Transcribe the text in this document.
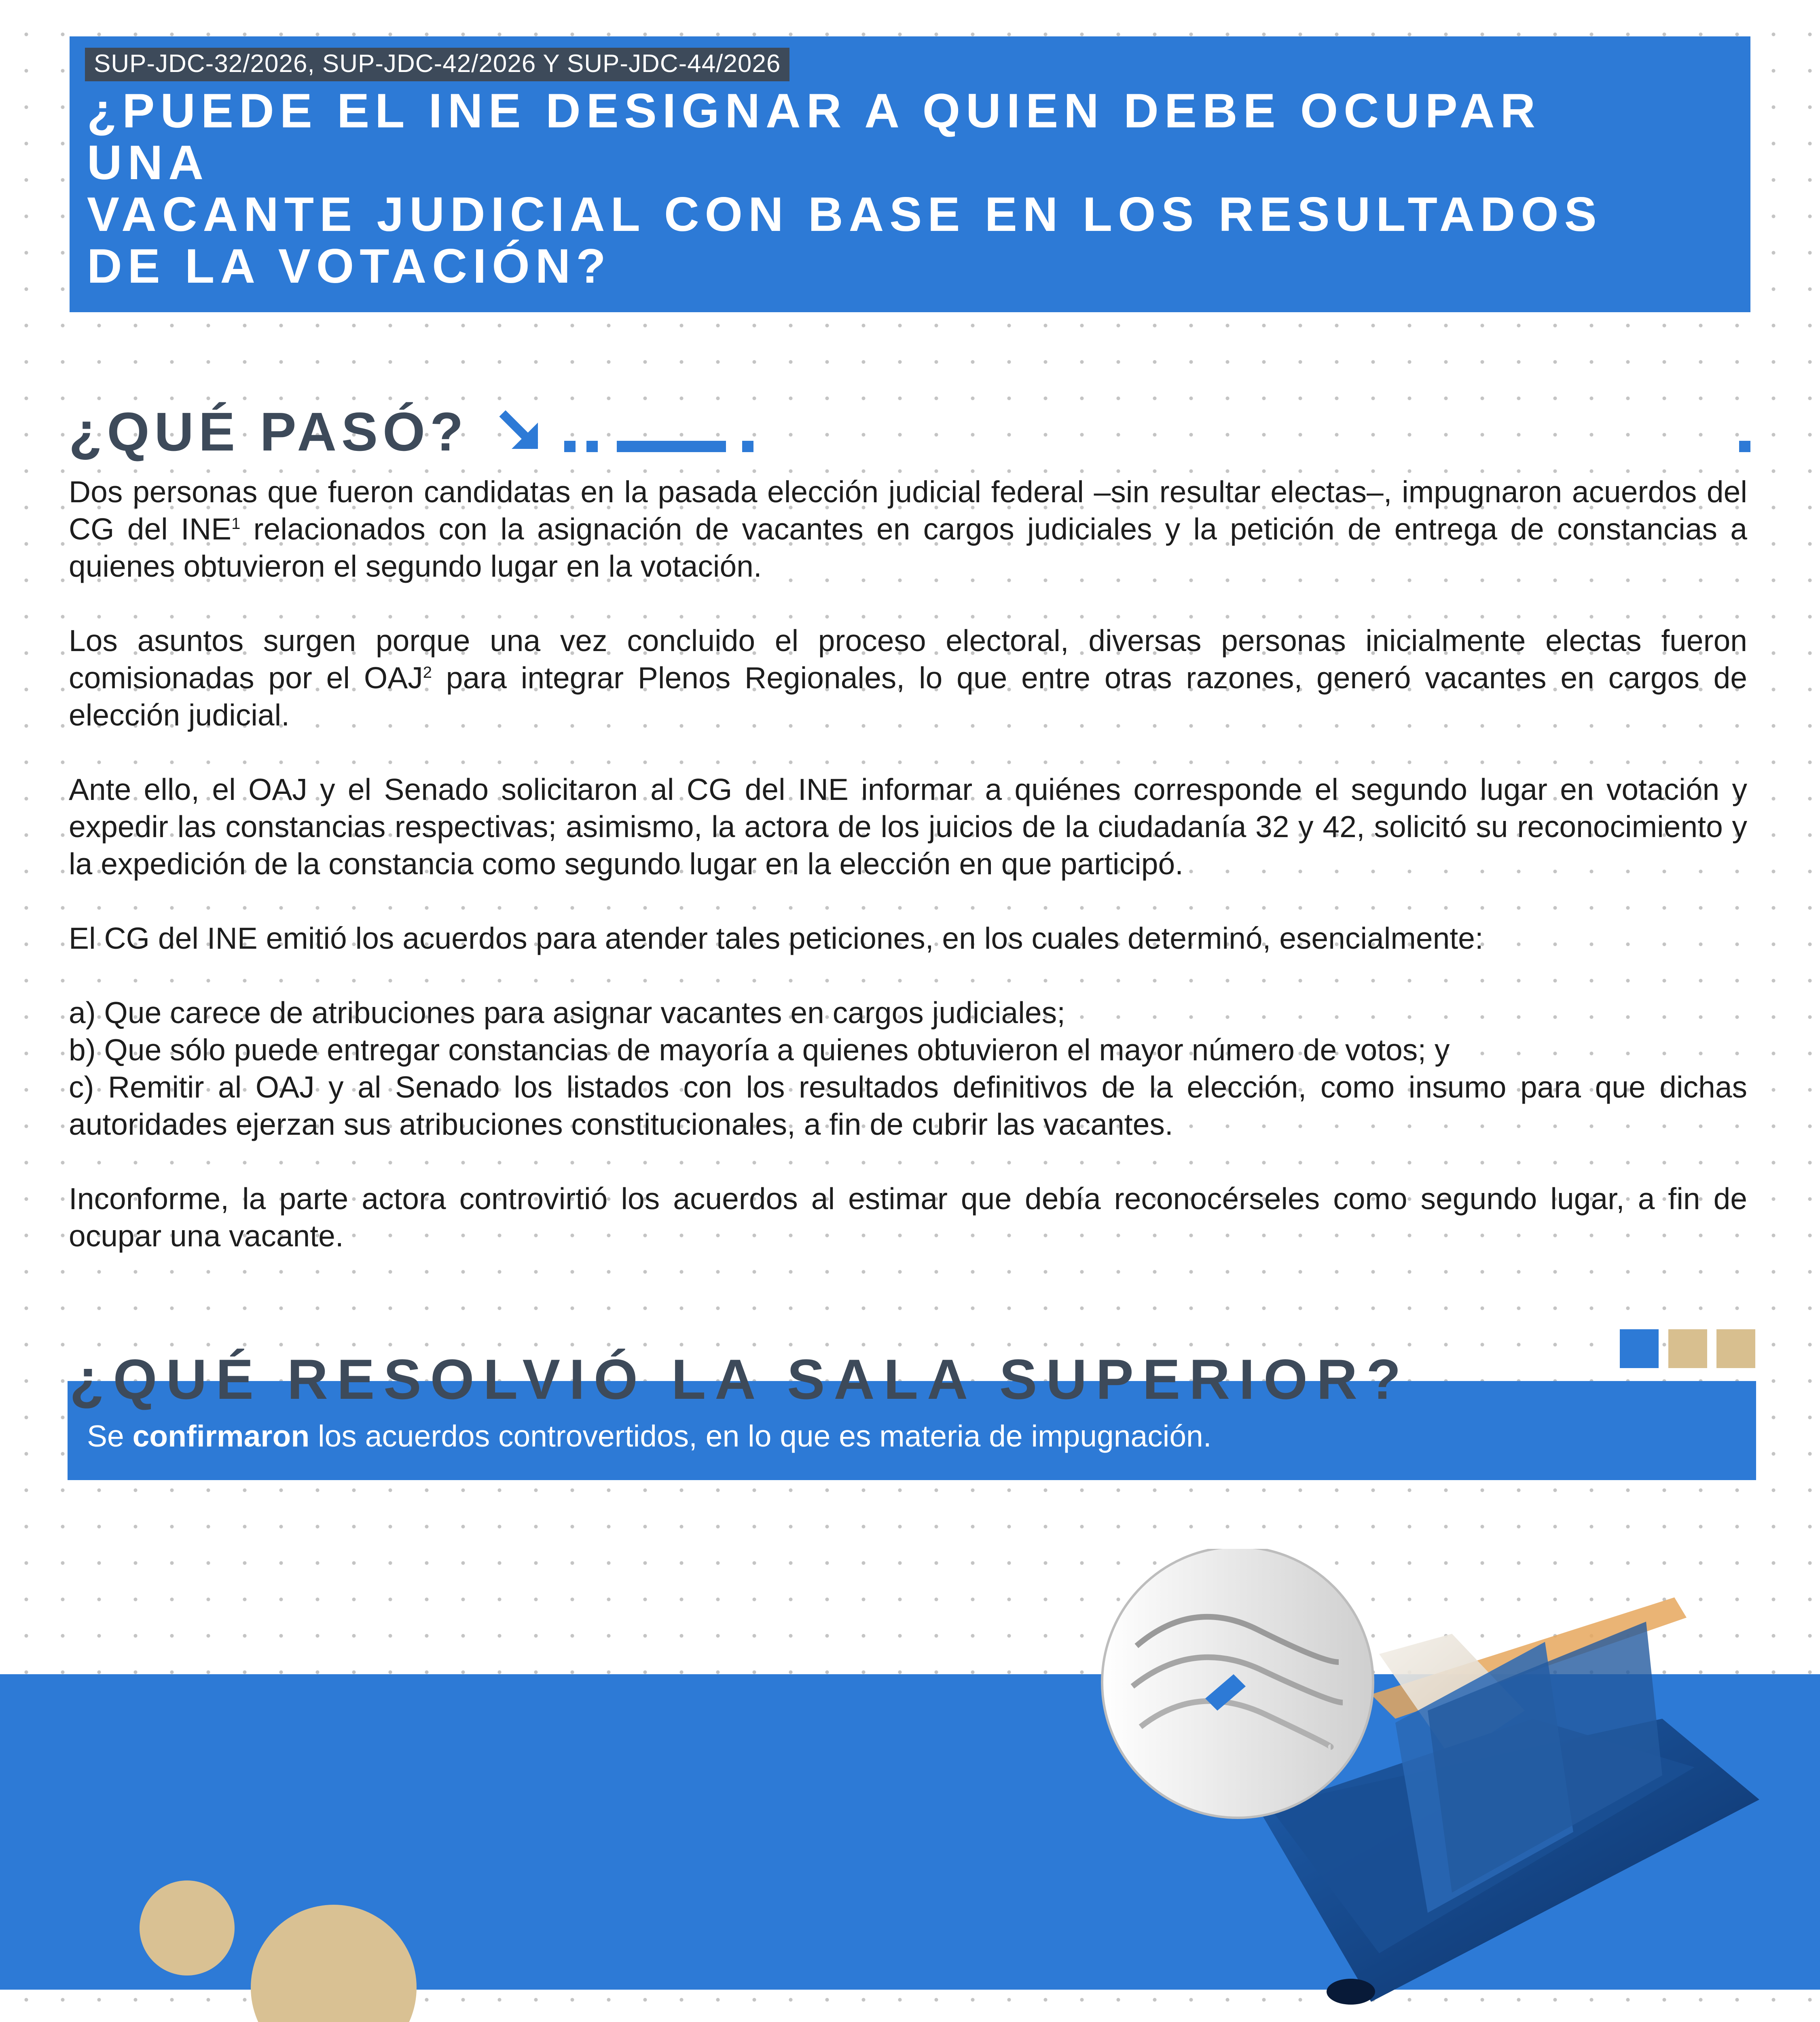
SUP-JDC-32/2026, SUP-JDC-42/2026 Y SUP-JDC-44/2026
¿PUEDE EL INE DESIGNAR A QUIEN DEBE OCUPAR UNA
VACANTE JUDICIAL CON BASE EN LOS RESULTADOS
DE LA VOTACIÓN?
¿QUÉ PASÓ?

Dos personas que fueron candidatas en la pasada elección judicial federal –sin resultar electas–, impugnaron acuerdos del CG del INE$^1$ relacionados con la asignación de vacantes en cargos judiciales y la petición de entrega de constancias a quienes obtuvieron el segundo lugar en la votación.

Los asuntos surgen porque una vez concluido el proceso electoral, diversas personas inicialmente electas fueron comisionadas por el OAJ$^2$ para integrar Plenos Regionales, lo que entre otras razones, generó vacantes en cargos de elección judicial.

Ante ello, el OAJ y el Senado solicitaron al CG del INE informar a quiénes corresponde el segundo lugar en votación y expedir las constancias respectivas; asimismo, la actora de los juicios de la ciudadanía 32 y 42, solicitó su reconocimiento y la expedición de la constancia como segundo lugar en la elección en que participó.

El CG del INE emitió los acuerdos para atender tales peticiones, en los cuales determinó, esencialmente:

a) Que carece de atribuciones para asignar vacantes en cargos judiciales;

b) Que sólo puede entregar constancias de mayoría a quienes obtuvieron el mayor número de votos; y

c) Remitir al OAJ y al Senado los listados con los resultados definitivos de la elección, como insumo para que dichas autoridades ejerzan sus atribuciones constitucionales, a fin de cubrir las vacantes.

Inconforme, la parte actora controvirtió los acuerdos al estimar que debía reconocérseles como segundo lugar, a fin de ocupar una vacante.

¿QUÉ RESOLVIÓ LA SALA SUPERIOR?
Se confirmaron los acuerdos controvertidos, en lo que es materia de impugnación.
